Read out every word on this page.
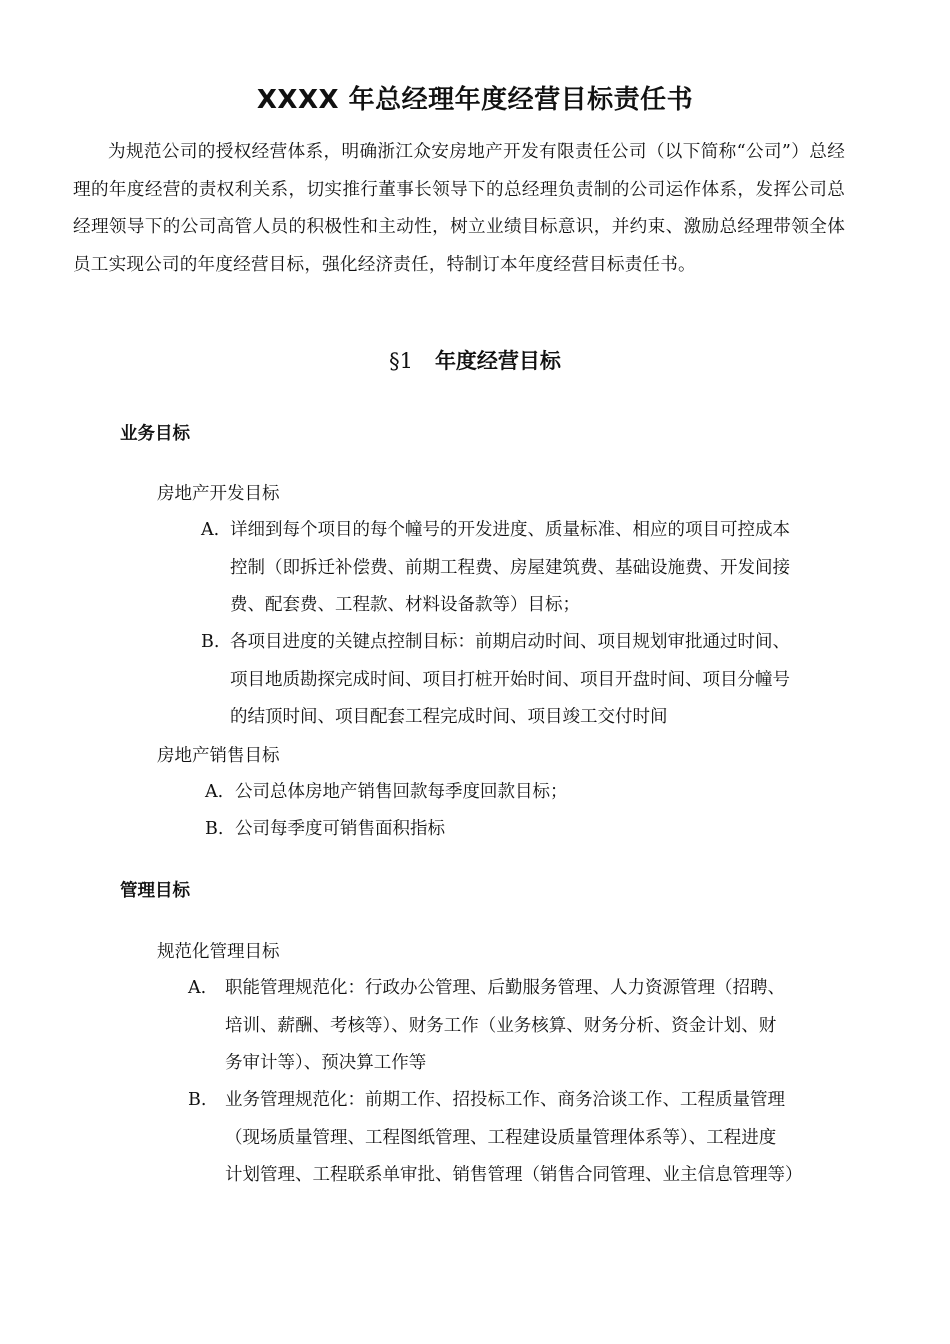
XXXX 年总经理年度经营目标责任书
为规范公司的授权经营体系，明确浙江众安房地产开发有限责任公司（以下简称“公司”）总经理的年度经营的责权利关系，切实推行董事长领导下的总经理负责制的公司运作体系，发挥公司总经理领导下的公司高管人员的积极性和主动性，树立业绩目标意识，并约束、激励总经理带领全体员工实现公司的年度经营目标，强化经济责任，特制订本年度经营目标责任书。
§1 年度经营目标
业务目标
房地产开发目标
A. 详细到每个项目的每个幢号的开发进度、质量标准、相应的项目可控成本
控制（即拆迁补偿费、前期工程费、房屋建筑费、基础设施费、开发间接
费、配套费、工程款、材料设备款等）目标；
B. 各项目进度的关键点控制目标：前期启动时间、项目规划审批通过时间、
项目地质勘探完成时间、项目打桩开始时间、项目开盘时间、项目分幢号
的结顶时间、项目配套工程完成时间、项目竣工交付时间
房地产销售目标
A. 公司总体房地产销售回款每季度回款目标；
B. 公司每季度可销售面积指标
管理目标
规范化管理目标
A. 职能管理规范化：行政办公管理、后勤服务管理、人力资源管理（招聘、
培训、薪酬、考核等）、财务工作（业务核算、财务分析、资金计划、财
务审计等）、预决算工作等
B. 业务管理规范化：前期工作、招投标工作、商务洽谈工作、工程质量管理
（现场质量管理、工程图纸管理、工程建设质量管理体系等）、工程进度
计划管理、工程联系单审批、销售管理（销售合同管理、业主信息管理等）
